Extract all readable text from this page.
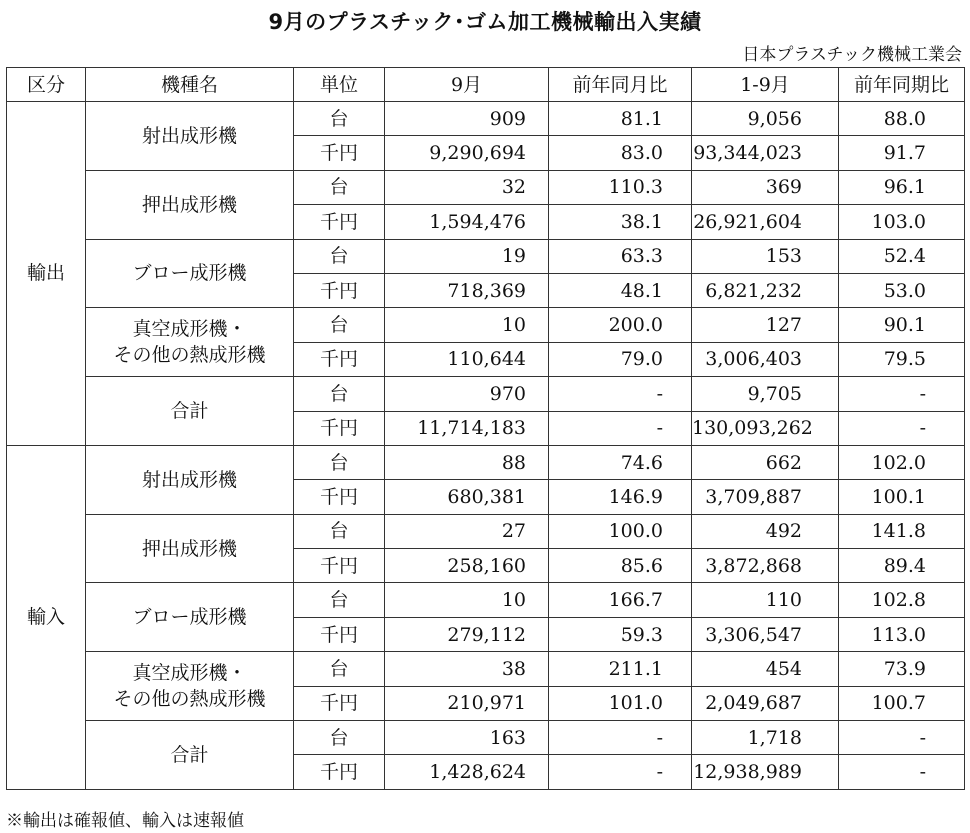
9月のプラスチック･ゴム加工機械輸出入実績
日本プラスチック機械工業会
区分	機種名	単位	9月	前年同月比	1-9月	前年同期比
輸出	射出成形機	台	909	81.1	9,056	88.0
		千円	9,290,694	83.0	93,344,023	91.7

	押出成形機	台	32	110.3	369	96.1
		千円	1,594,476	38.1	26,921,604	103.0

	ブロー成形機	台	19	63.3	153	52.4
		千円	718,369	48.1	6,821,232	53.0

	真空成形機・
その他の熱成形機	台	10	200.0	127	90.1
		千円	110,644	79.0	3,006,403	79.5

	合計	台	970	-	9,705	-
		千円	11,714,183	-	130,093,262	-
輸入	射出成形機	台	88	74.6	662	102.0
		千円	680,381	146.9	3,709,887	100.1

	押出成形機	台	27	100.0	492	141.8
		千円	258,160	85.6	3,872,868	89.4

	ブロー成形機	台	10	166.7	110	102.8
		千円	279,112	59.3	3,306,547	113.0

	真空成形機・
その他の熱成形機	台	38	211.1	454	73.9
		千円	210,971	101.0	2,049,687	100.7

	合計	台	163	-	1,718	-
		千円	1,428,624	-	12,938,989	-
※輸出は確報値、輸入は速報値
